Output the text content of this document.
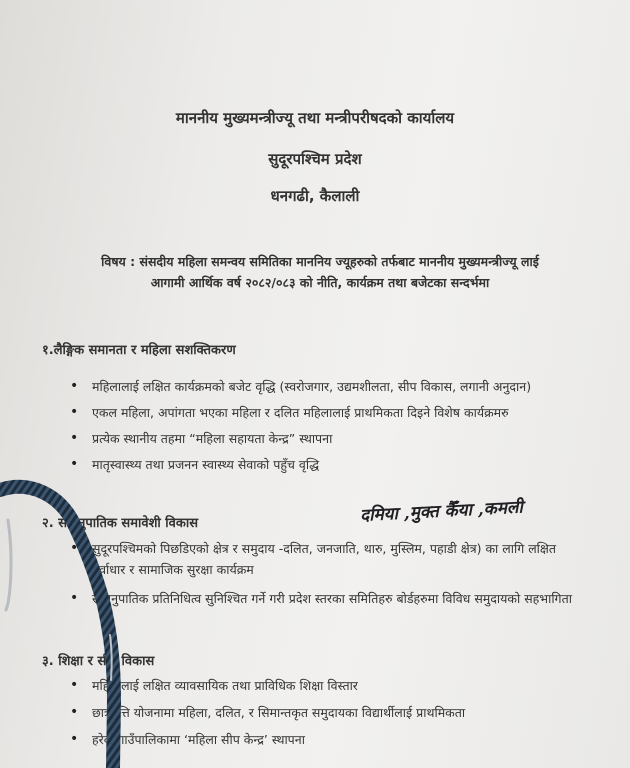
माननीय मुख्यमन्त्रीज्यू तथा मन्त्रीपरीषदको कार्यालय
सुदूरपश्चिम प्रदेश
धनगढी, कैलाली
विषय : संसदीय महिला समन्वय समितिका माननिय ज्यूहरुको तर्फबाट माननीय मुख्यमन्त्रीज्यू लाई
आगामी आर्थिक वर्ष २०८२/०८३ को नीति, कार्यक्रम तथा बजेटका सन्दर्भमा
१.लैङ्गिक समानता र महिला सशक्तिकरण
• महिलालाई लक्षित कार्यक्रमको बजेट वृद्धि (स्वरोजगार, उद्यमशीलता, सीप विकास, लगानी अनुदान)
• एकल महिला, अपांगता भएका महिला र दलित महिलालाई प्राथमिकता दिइने विशेष कार्यक्रमरु
• प्रत्येक स्थानीय तहमा “महिला सहायता केन्द्र” स्थापना
• मातृस्वास्थ्य तथा प्रजनन स्वास्थ्य सेवाको पहुँच वृद्धि
२. समानुपातिक समावेशी विकास	दमिया ,मुक्त कैँया ,कमली
• सुदूरपश्चिमको पिछडिएको क्षेत्र र समुदाय -दलित, जनजाति, थारु, मुस्लिम, पहाडी क्षेत्र) का लागि लक्षित पुर्वाधार र सामाजिक सुरक्षा कार्यक्रम
• समानुपातिक प्रतिनिधित्व सुनिश्चित गर्ने गरी प्रदेश स्तरका समितिहरु बोर्डहरुमा विविध समुदायको सहभागिता
३. शिक्षा र सीप विकास
• महिलालाई लक्षित व्यावसायिक तथा प्राविधिक शिक्षा विस्तार
• छात्रवृत्ति योजनामा महिला, दलित, र सिमान्तकृत समुदायका विद्यार्थीलाई प्राथमिकता
• हरेक गाउँपालिकामा ‘महिला सीप केन्द्र’ स्थापना
